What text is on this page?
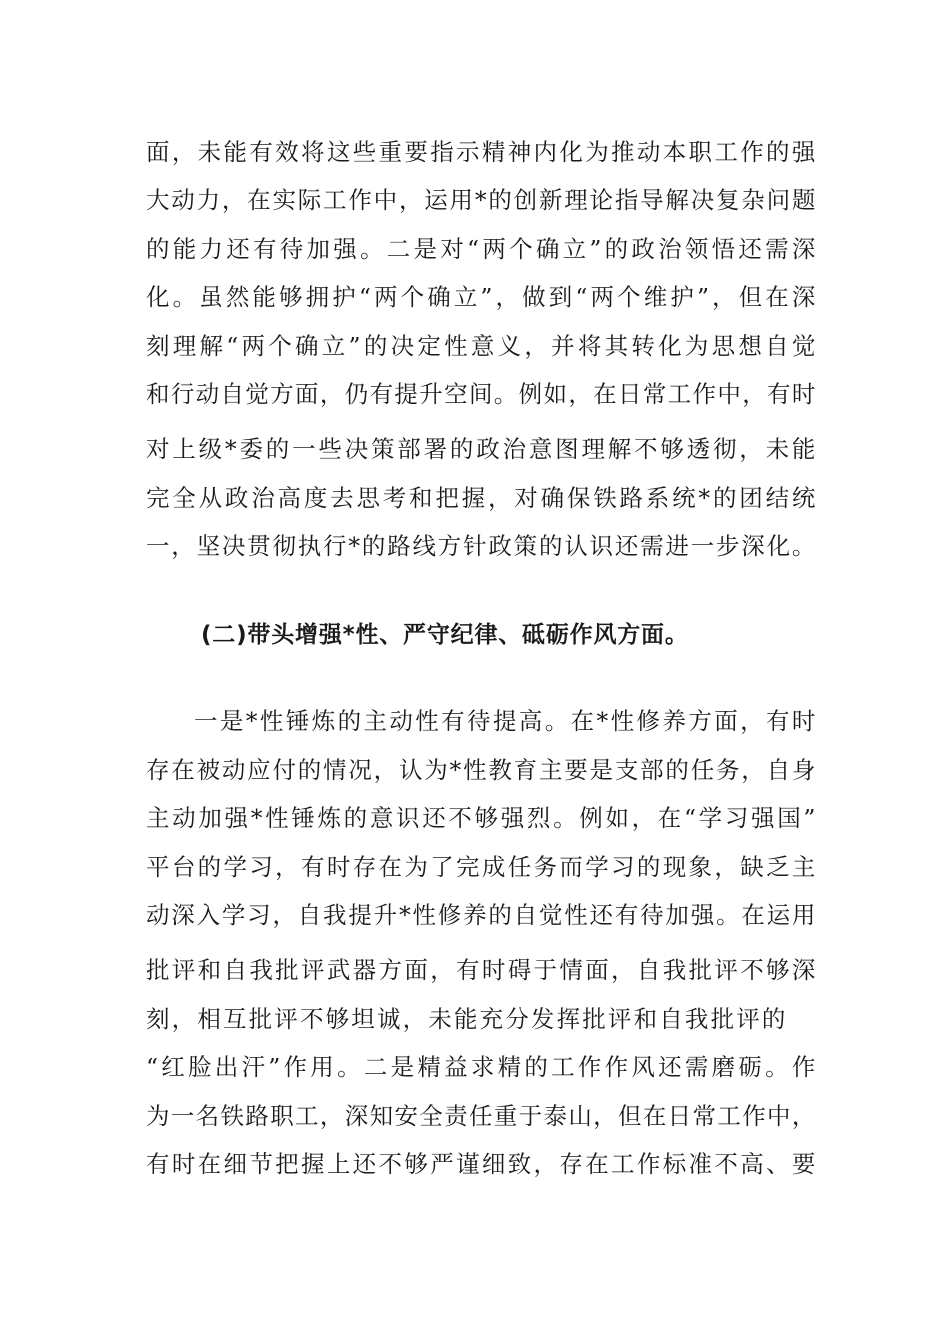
面，未能有效将这些重要指示精神内化为推动本职工作的强
大动力，在实际工作中，运用*的创新理论指导解决复杂问题
的能力还有待加强。二是对“两个确立”的政治领悟还需深
化。虽然能够拥护“两个确立”，做到“两个维护”，但在深
刻理解“两个确立”的决定性意义，并将其转化为思想自觉
和行动自觉方面，仍有提升空间。例如，在日常工作中，有时
对上级*委的一些决策部署的政治意图理解不够透彻，未能
完全从政治高度去思考和把握，对确保铁路系统*的团结统
一，坚决贯彻执行*的路线方针政策的认识还需进一步深化。
(二)带头增强*性、严守纪律、砥砺作风方面。
一是*性锤炼的主动性有待提高。在*性修养方面，有时
存在被动应付的情况，认为*性教育主要是支部的任务，自身
主动加强*性锤炼的意识还不够强烈。例如，在“学习强国”
平台的学习，有时存在为了完成任务而学习的现象，缺乏主
动深入学习，自我提升*性修养的自觉性还有待加强。在运用
批评和自我批评武器方面，有时碍于情面，自我批评不够深
刻，相互批评不够坦诚，未能充分发挥批评和自我批评的
“红脸出汗”作用。二是精益求精的工作作风还需磨砺。作
为一名铁路职工，深知安全责任重于泰山，但在日常工作中，
有时在细节把握上还不够严谨细致，存在工作标准不高、要
